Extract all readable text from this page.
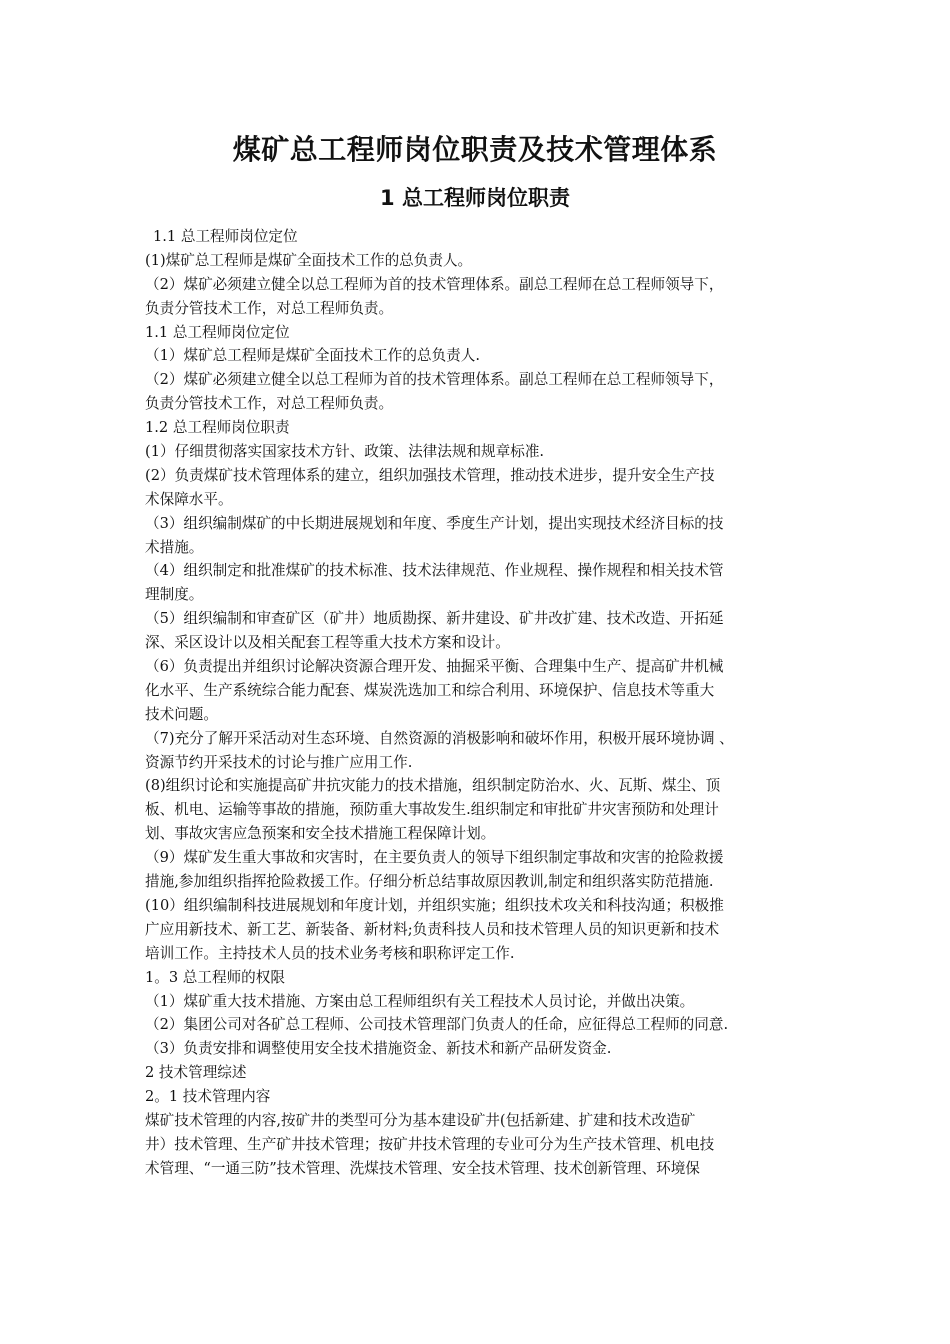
煤矿总工程师岗位职责及技术管理体系
1 总工程师岗位职责
1.1 总工程师岗位定位
(1)煤矿总工程师是煤矿全面技术工作的总负责人。
（2）煤矿必须建立健全以总工程师为首的技术管理体系。副总工程师在总工程师领导下，
负责分管技术工作，对总工程师负责。
1.1 总工程师岗位定位
（1）煤矿总工程师是煤矿全面技术工作的总负责人.
（2）煤矿必须建立健全以总工程师为首的技术管理体系。副总工程师在总工程师领导下，
负责分管技术工作，对总工程师负责。
1.2 总工程师岗位职责
(1）仔细贯彻落实国家技术方针、政策、法律法规和规章标准.
(2）负责煤矿技术管理体系的建立，组织加强技术管理，推动技术进步，提升安全生产技
术保障水平。
（3）组织编制煤矿的中长期进展规划和年度、季度生产计划，提出实现技术经济目标的技
术措施。
（4）组织制定和批准煤矿的技术标准、技术法律规范、作业规程、操作规程和相关技术管
理制度。
（5）组织编制和审查矿区（矿井）地质勘探、新井建设、矿井改扩建、技术改造、开拓延
深、采区设计以及相关配套工程等重大技术方案和设计。
（6）负责提出并组织讨论解决资源合理开发、抽掘采平衡、合理集中生产、提高矿井机械
化水平、生产系统综合能力配套、煤炭洗选加工和综合利用、环境保护、信息技术等重大
技术问题。
（7)充分了解开采活动对生态环境、自然资源的消极影响和破坏作用，积极开展环境协调 、
资源节约开采技术的讨论与推广应用工作.
(8)组织讨论和实施提高矿井抗灾能力的技术措施，组织制定防治水、火、瓦斯、煤尘、顶
板、机电、运输等事故的措施，预防重大事故发生.组织制定和审批矿井灾害预防和处理计
划、事故灾害应急预案和安全技术措施工程保障计划。
（9）煤矿发生重大事故和灾害时，在主要负责人的领导下组织制定事故和灾害的抢险救援
措施,参加组织指挥抢险救援工作。仔细分析总结事故原因教训,制定和组织落实防范措施.
(10）组织编制科技进展规划和年度计划，并组织实施；组织技术攻关和科技沟通；积极推
广应用新技术、新工艺、新装备、新材料;负责科技人员和技术管理人员的知识更新和技术
培训工作。主持技术人员的技术业务考核和职称评定工作.
1。3 总工程师的权限
（1）煤矿重大技术措施、方案由总工程师组织有关工程技术人员讨论，并做出决策。
（2）集团公司对各矿总工程师、公司技术管理部门负责人的任命，应征得总工程师的同意.
（3）负责安排和调整使用安全技术措施资金、新技术和新产品研发资金.
2 技术管理综述
2。1 技术管理内容
煤矿技术管理的内容,按矿井的类型可分为基本建设矿井(包括新建、扩建和技术改造矿
井）技术管理、生产矿井技术管理；按矿井技术管理的专业可分为生产技术管理、机电技
术管理、“一通三防”技术管理、洗煤技术管理、安全技术管理、技术创新管理、环境保
